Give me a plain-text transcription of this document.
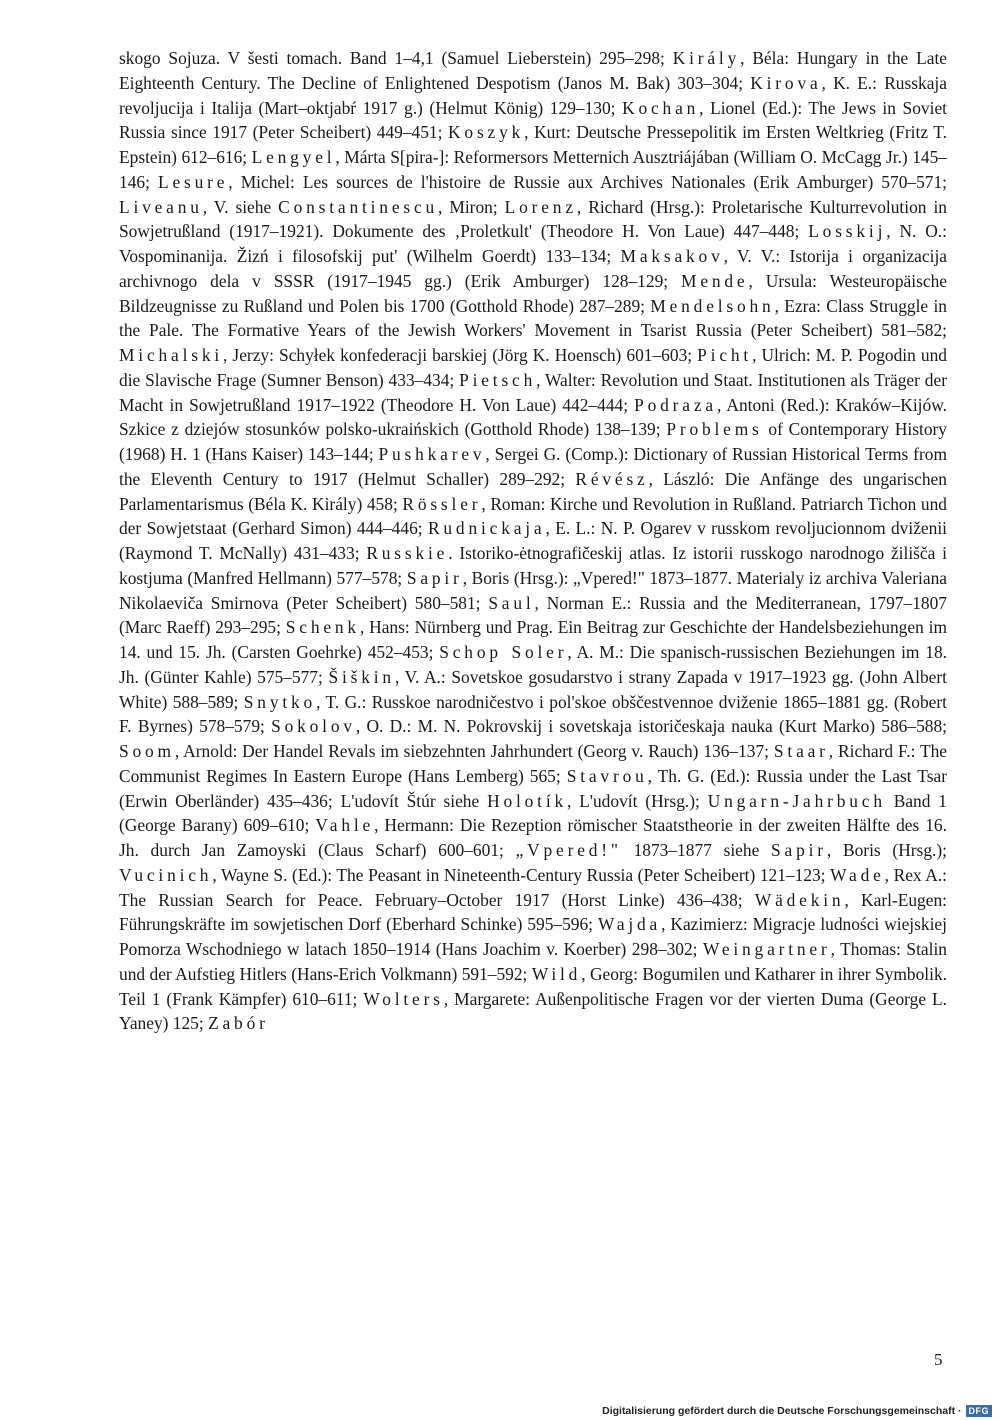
skogo Sojuza. V šesti tomach. Band 1–4,1 (Samuel Lieberstein) 295–298; Király, Béla: Hungary in the Late Eighteenth Century. The Decline of Enlightened Despotism (Janos M. Bak) 303–304; Kirova, K. E.: Russkaja revoljucija i Italija (Mart–oktjabŕ 1917 g.) (Helmut König) 129–130; Kochan, Lionel (Ed.): The Jews in Soviet Russia since 1917 (Peter Scheibert) 449–451; Koszyk, Kurt: Deutsche Pressepolitik im Ersten Weltkrieg (Fritz T. Epstein) 612–616; Lengyel, Márta S[pira-]: Reformersors Metternich Ausztriájában (William O. McCagg Jr.) 145–146; Lesure, Michel: Les sources de l'histoire de Russie aux Archives Nationales (Erik Amburger) 570–571; Liveanu, V. siehe Constantinescu, Miron; Lorenz, Richard (Hrsg.): Proletarische Kulturrevolution in Sowjetrußland (1917–1921). Dokumente des ‚Proletkult' (Theodore H. Von Laue) 447–448; Losskij, N. O.: Vospominanija. Žizń i filosofskij put' (Wilhelm Goerdt) 133–134; Maksakov, V. V.: Istorija i organizacija archivnogo dela v SSSR (1917–1945 gg.) (Erik Amburger) 128–129; Mende, Ursula: Westeuropäische Bildzeugnisse zu Rußland und Polen bis 1700 (Gotthold Rhode) 287–289; Mendelsohn, Ezra: Class Struggle in the Pale. The Formative Years of the Jewish Workers' Movement in Tsarist Russia (Peter Scheibert) 581–582; Michalski, Jerzy: Schyłek konfederacji barskiej (Jörg K. Hoensch) 601–603; Picht, Ulrich: M. P. Pogodin und die Slavische Frage (Sumner Benson) 433–434; Pietsch, Walter: Revolution und Staat. Institutionen als Träger der Macht in Sowjetrußland 1917–1922 (Theodore H. Von Laue) 442–444; Podraza, Antoni (Red.): Kraków–Kijów. Szkice z dziejów stosunków polsko-ukraińskich (Gotthold Rhode) 138–139; Problems of Contemporary History (1968) H. 1 (Hans Kaiser) 143–144; Pushkarev, Sergei G. (Comp.): Dictionary of Russian Historical Terms from the Eleventh Century to 1917 (Helmut Schaller) 289–292; Révész, László: Die Anfänge des ungarischen Parlamentarismus (Béla K. Király) 458; Rössler, Roman: Kirche und Revolution in Rußland. Patriarch Tichon und der Sowjetstaat (Gerhard Simon) 444–446; Rudnickaja, E. L.: N. P. Ogarev v russkom revoljucionnom dviženii (Raymond T. McNally) 431–433; Russkie. Istoriko-ėtnografičeskij atlas. Iz istorii russkogo narodnogo žilišča i kostjuma (Manfred Hellmann) 577–578; Sapir, Boris (Hrsg.): „Vpered!" 1873–1877. Materialy iz archiva Valeriana Nikolaeviča Smirnova (Peter Scheibert) 580–581; Saul, Norman E.: Russia and the Mediterranean, 1797–1807 (Marc Raeff) 293–295; Schenk, Hans: Nürnberg und Prag. Ein Beitrag zur Geschichte der Handelsbeziehungen im 14. und 15. Jh. (Carsten Goehrke) 452–453; Schop Soler, A. M.: Die spanisch-russischen Beziehungen im 18. Jh. (Günter Kahle) 575–577; Šiškin, V. A.: Sovetskoe gosudarstvo i strany Zapada v 1917–1923 gg. (John Albert White) 588–589; Snytko, T. G.: Russkoe narodničestvo i pol'skoe obščestvennoe dviženie 1865–1881 gg. (Robert F. Byrnes) 578–579; Sokolov, O. D.: M. N. Pokrovskij i sovetskaja istoričeskaja nauka (Kurt Marko) 586–588; Soom, Arnold: Der Handel Revals im siebzehnten Jahrhundert (Georg v. Rauch) 136–137; Staar, Richard F.: The Communist Regimes In Eastern Europe (Hans Lemberg) 565; Stavrou, Th. G. (Ed.): Russia under the Last Tsar (Erwin Oberländer) 435–436; L'udovít Štúr siehe Holotík, L'udovít (Hrsg.); Ungarn-Jahrbuch Band 1 (George Barany) 609–610; Vahle, Hermann: Die Rezeption römischer Staatstheorie in der zweiten Hälfte des 16. Jh. durch Jan Zamoyski (Claus Scharf) 600–601; „Vpered!" 1873–1877 siehe Sapir, Boris (Hrsg.); Vucinich, Wayne S. (Ed.): The Peasant in Nineteenth-Century Russia (Peter Scheibert) 121–123; Wade, Rex A.: The Russian Search for Peace. February–October 1917 (Horst Linke) 436–438; Wädekin, Karl-Eugen: Führungskräfte im sowjetischen Dorf (Eberhard Schinke) 595–596; Wajda, Kazimierz: Migracje ludności wiejskiej Pomorza Wschodniego w latach 1850–1914 (Hans Joachim v. Koerber) 298–302; Weingartner, Thomas: Stalin und der Aufstieg Hitlers (Hans-Erich Volkmann) 591–592; Wild, Georg: Bogumilen und Katharer in ihrer Symbolik. Teil 1 (Frank Kämpfer) 610–611; Wolters, Margarete: Außenpolitische Fragen vor der vierten Duma (George L. Yaney) 125; Zabór
5
Digitalisierung gefördert durch die Deutsche Forschungsgemeinschaft · DFG
